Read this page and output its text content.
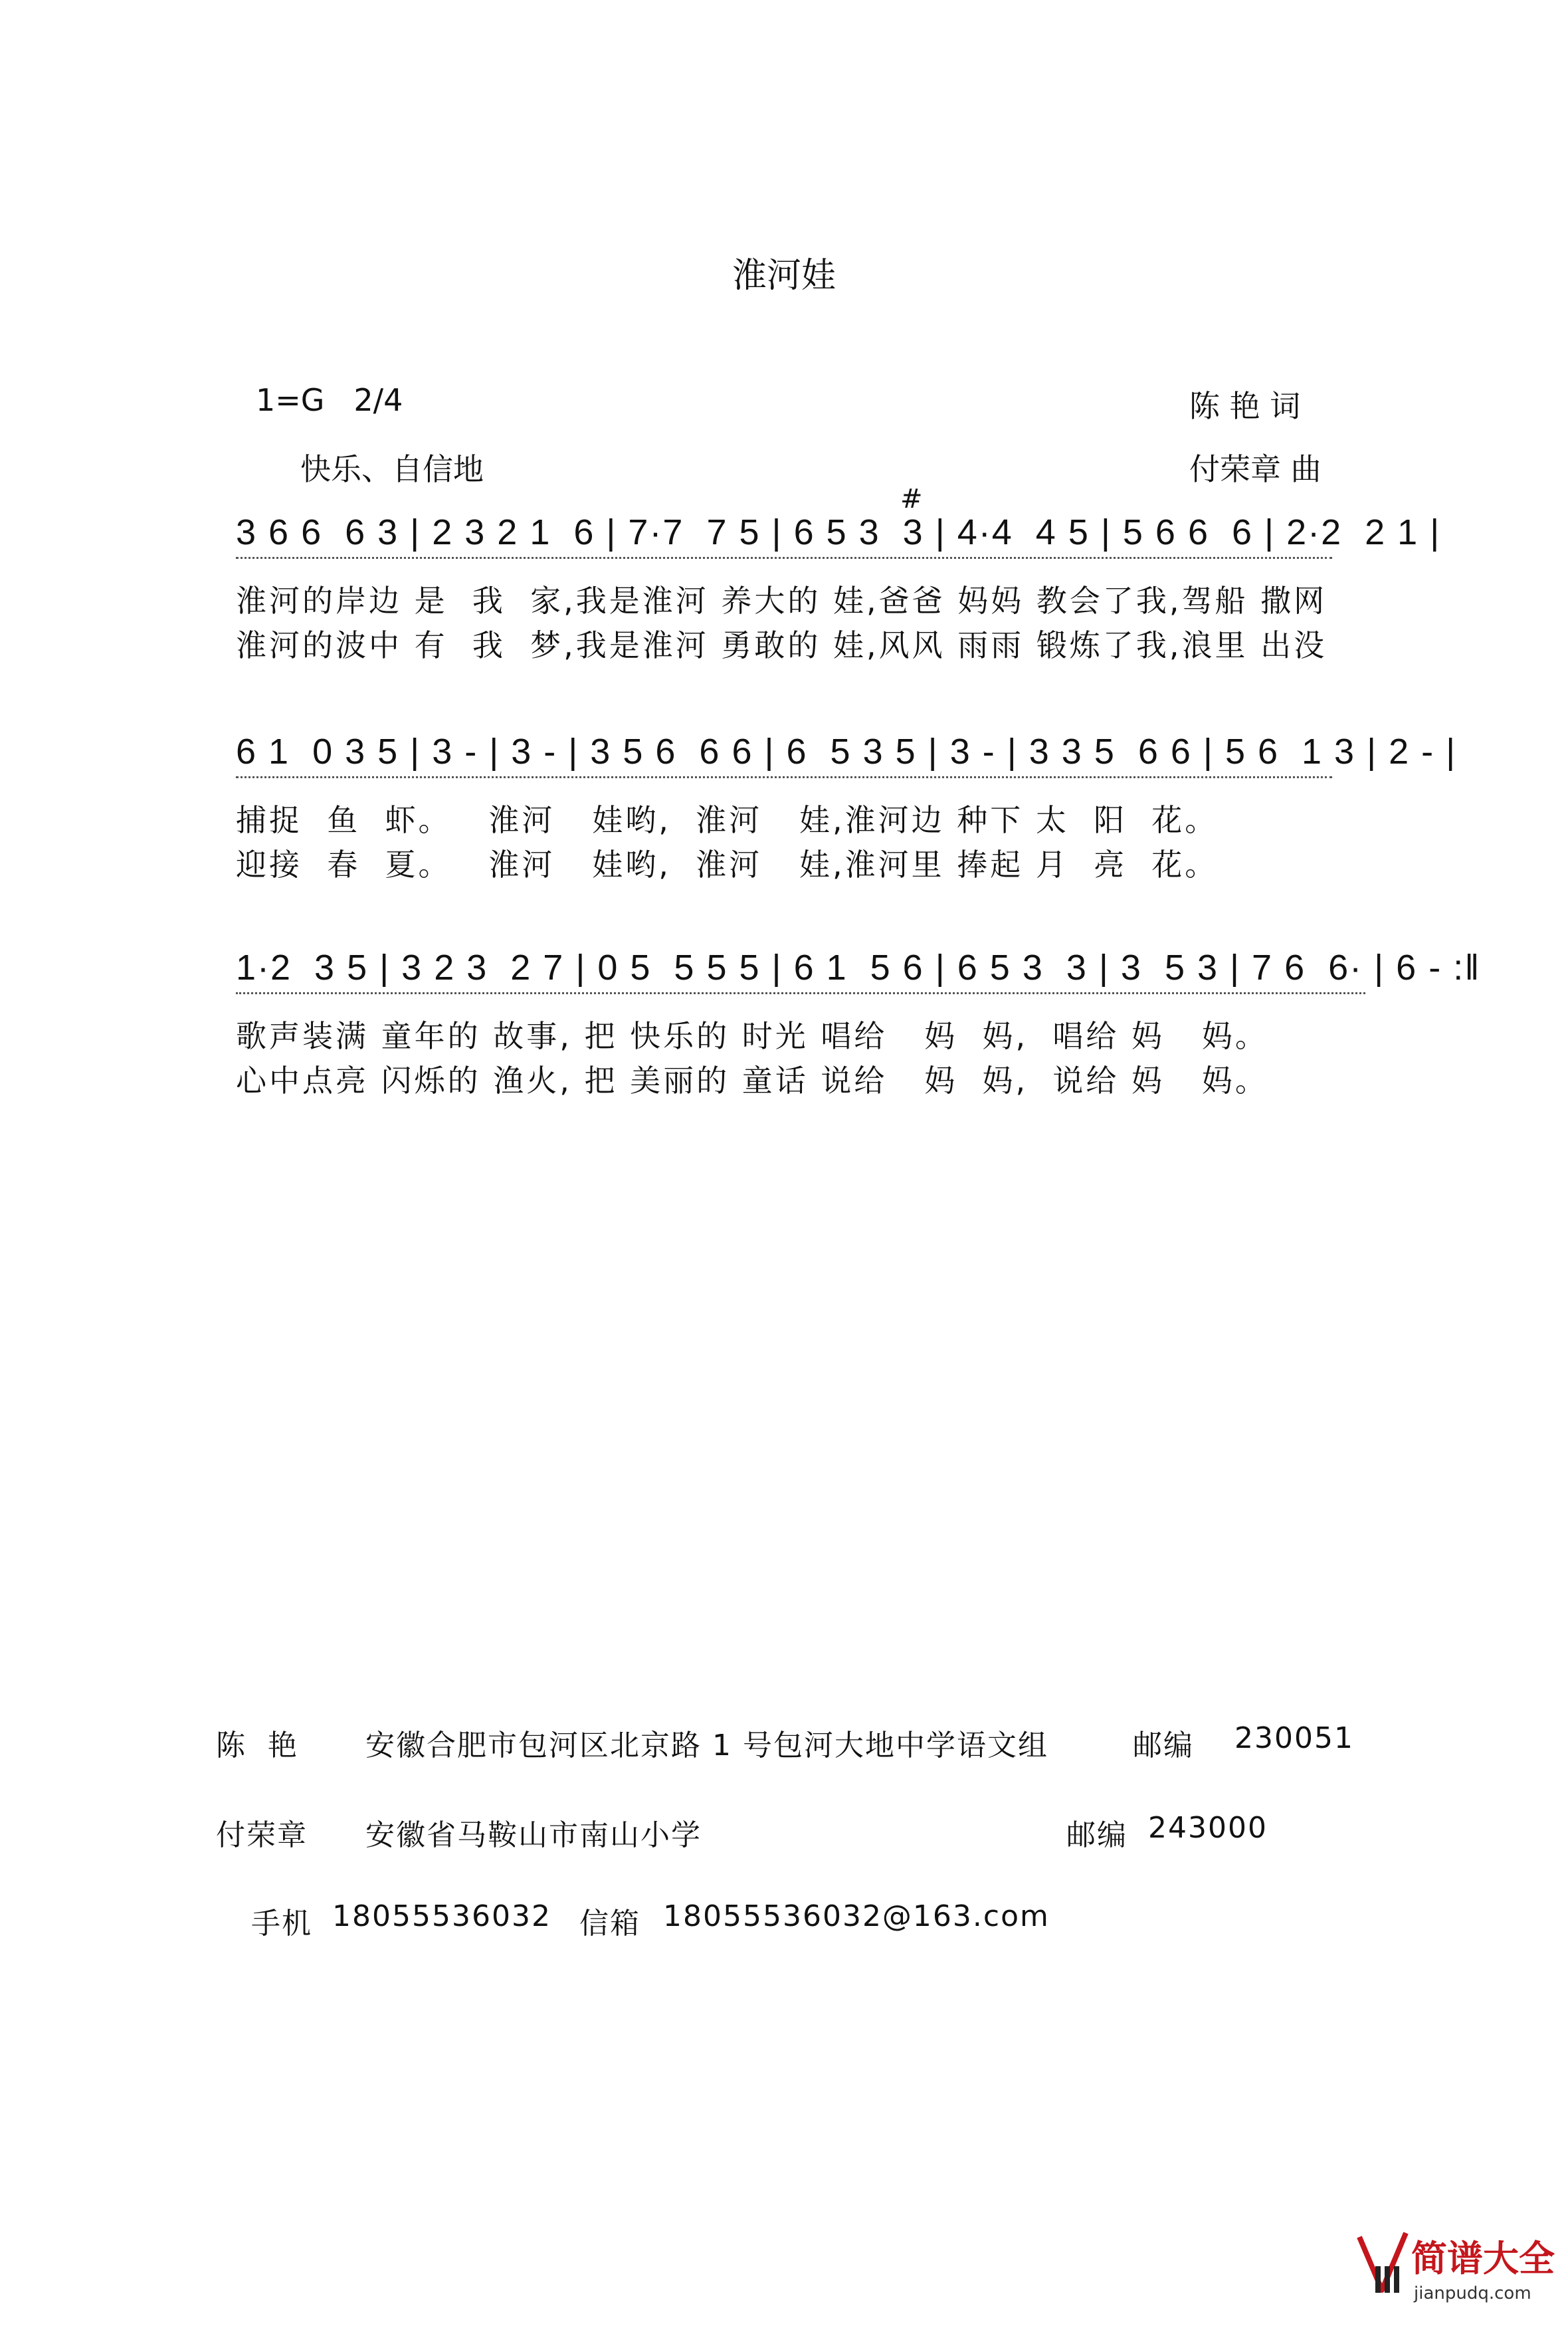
淮河娃
1=G   2/4	陈 艳 词
快乐、自信地	付荣章 曲
3 6 6  6 3 | 2 3 2 1  6 | 7·7  7 5 | 6 5 3  3 | 4·4  4 5 | 5 6 6  6 | 2·2  2 1 |
#
淮河的岸边 是  我  家,我是淮河 养大的 娃,爸爸 妈妈 教会了我,驾船 撒网
淮河的波中 有  我  梦,我是淮河 勇敢的 娃,风风 雨雨 锻炼了我,浪里 出没
6 1  0 3 5 | 3 - | 3 - | 3 5 6  6 6 | 6  5 3 5 | 3 - | 3 3 5  6 6 | 5 6  1 3 | 2 - |
捕捉  鱼  虾。   淮河   娃哟,  淮河   娃,淮河边 种下 太  阳  花。
迎接  春  夏。   淮河   娃哟,  淮河   娃,淮河里 捧起 月  亮  花。
1·2  3 5 | 3 2 3  2 7 | 0 5  5 5 5 | 6 1  5 6 | 6 5 3  3 | 3  5 3 | 7 6  6· | 6 - :‖
歌声装满 童年的 故事, 把 快乐的 时光 唱给   妈  妈,  唱给 妈   妈。
心中点亮 闪烁的 渔火, 把 美丽的 童话 说给   妈  妈,  说给 妈   妈。
陈  艳 安徽合肥市包河区北京路 1 号包河大地中学语文组	邮编 230051
付荣章 安徽省马鞍山市南山小学	邮编 243000
手机 18055536032 信箱 18055536032@163.com
简谱大全
jianpudq.com
